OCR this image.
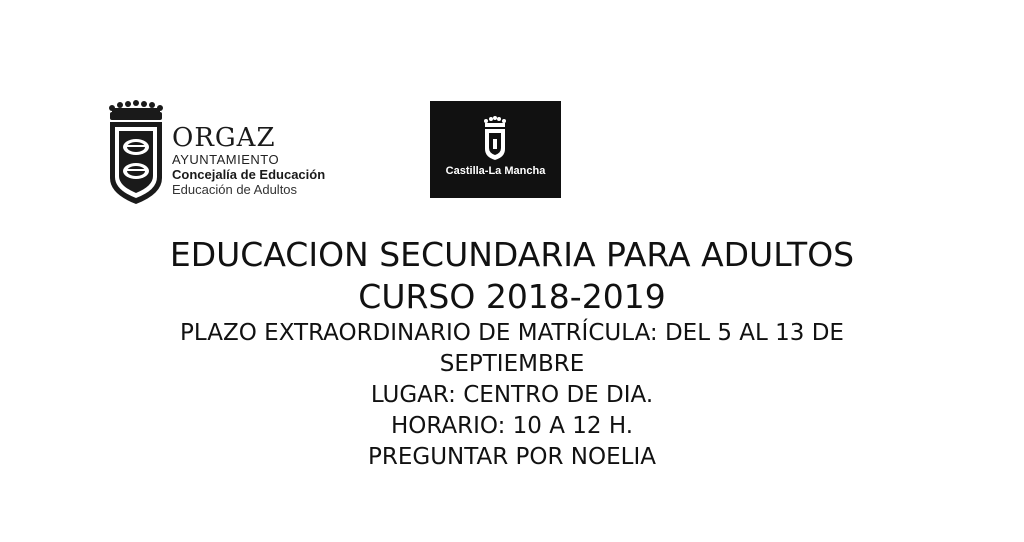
ORGAZ
AYUNTAMIENTO
Concejalía de Educación
Educación de Adultos
Castilla-La Mancha
EDUCACION SECUNDARIA PARA ADULTOS
CURSO 2018-2019
PLAZO EXTRAORDINARIO DE MATRÍCULA: DEL 5 AL 13 DE
SEPTIEMBRE
LUGAR: CENTRO DE DIA.
HORARIO: 10 A 12 H.
PREGUNTAR POR NOELIA
